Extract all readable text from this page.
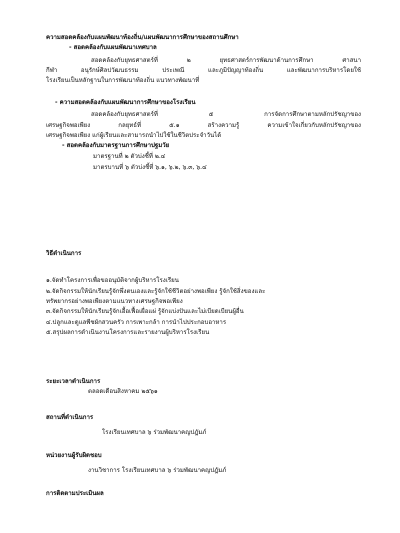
ความสอดคล้องกับแผนพัฒนาท้องถิ่น/แผนพัฒนาการศึกษาของสถานศึกษา
- สอดคล้องกับแผนพัฒนาเทศบาล
สอดคล้องกับยุทธศาสตร์ที่ ๒ ยุทธศาสตร์การพัฒนาด้านการศึกษา ศาสนา
กีฬา อนุรักษ์ศิลปวัฒนธรรม ประเพณี และภูมิปัญญาท้องถิ่น และพัฒนาการบริหารโดยใช้
โรงเรียนเป็นหลักฐานในการพัฒนาท้องถิ่น แนวทางพัฒนาที่
- ความสอดคล้องกับแผนพัฒนาการศึกษาของโรงเรียน
สอดคล้องกับยุทธศาสตร์ที่ ๕ การจัดการศึกษาตามหลักปรัชญาของ
เศรษฐกิจพอเพียง กลยุทธ์ที่ ๕.๑ สร้างความรู้ ความเข้าใจเกี่ยวกับหลักปรัชญาของ
เศรษฐกิจพอเพียง แก่ผู้เรียนและสามารถนำไปใช้ในชีวิตประจำวันได้
- สอดคล้องกับมาตรฐานการศึกษาปฐมวัย
มาตรฐานที่ ๒ ตัวบ่งชี้ที่ ๒.๔
มาตรบานที่ ๖ ตัวบ่งชี้ที่ ๖.๑, ๖.๒, ๖.๓, ๖.๔
วิธีดำเนินการ
๑.จัดทำโครงการเพื่อขออนุมัติจากผู้บริหารโรงเรียน
๒.จัดกิจกรรมให้นักเรียนรู้จักพึ่งตนเองและรู้จักใช้ชีวิตอย่างพอเพียง รู้จักใช้สิ่งของและ
ทรัพยากรอย่างพอเพียงตามแนวทางเศรษฐกิจพอเพียง
๓.จัดกิจกรรมให้นักเรียนรู้จักเอื้อเฟื้อเผื่อแผ่ รู้จักแบ่งปันและไม่เบียดเบียนผู้อื่น
๔.ปลูกและดูแลพืชผักสวนครัว การเพาะกล้า การนำไปประกอบอาหาร
๕.สรุปผลการดำเนินงานโครงการและรายงานผู้บริหารโรงเรียน
ระยะเวลาดำเนินการ
ตลอดเดือนสิงหาคม ๒๕๖๑
สถานที่ดำเนินการ
โรงเรียนเทศบาล ๖ ร่วมพัฒนาคญปฎัมภ์
หน่วยงานผู้รับผิดชอบ
งานวิชาการ โรงเรียนเทศบาล ๖ ร่วมพัฒนาคญปฎัมภ์
การติดตามประเมินผล
